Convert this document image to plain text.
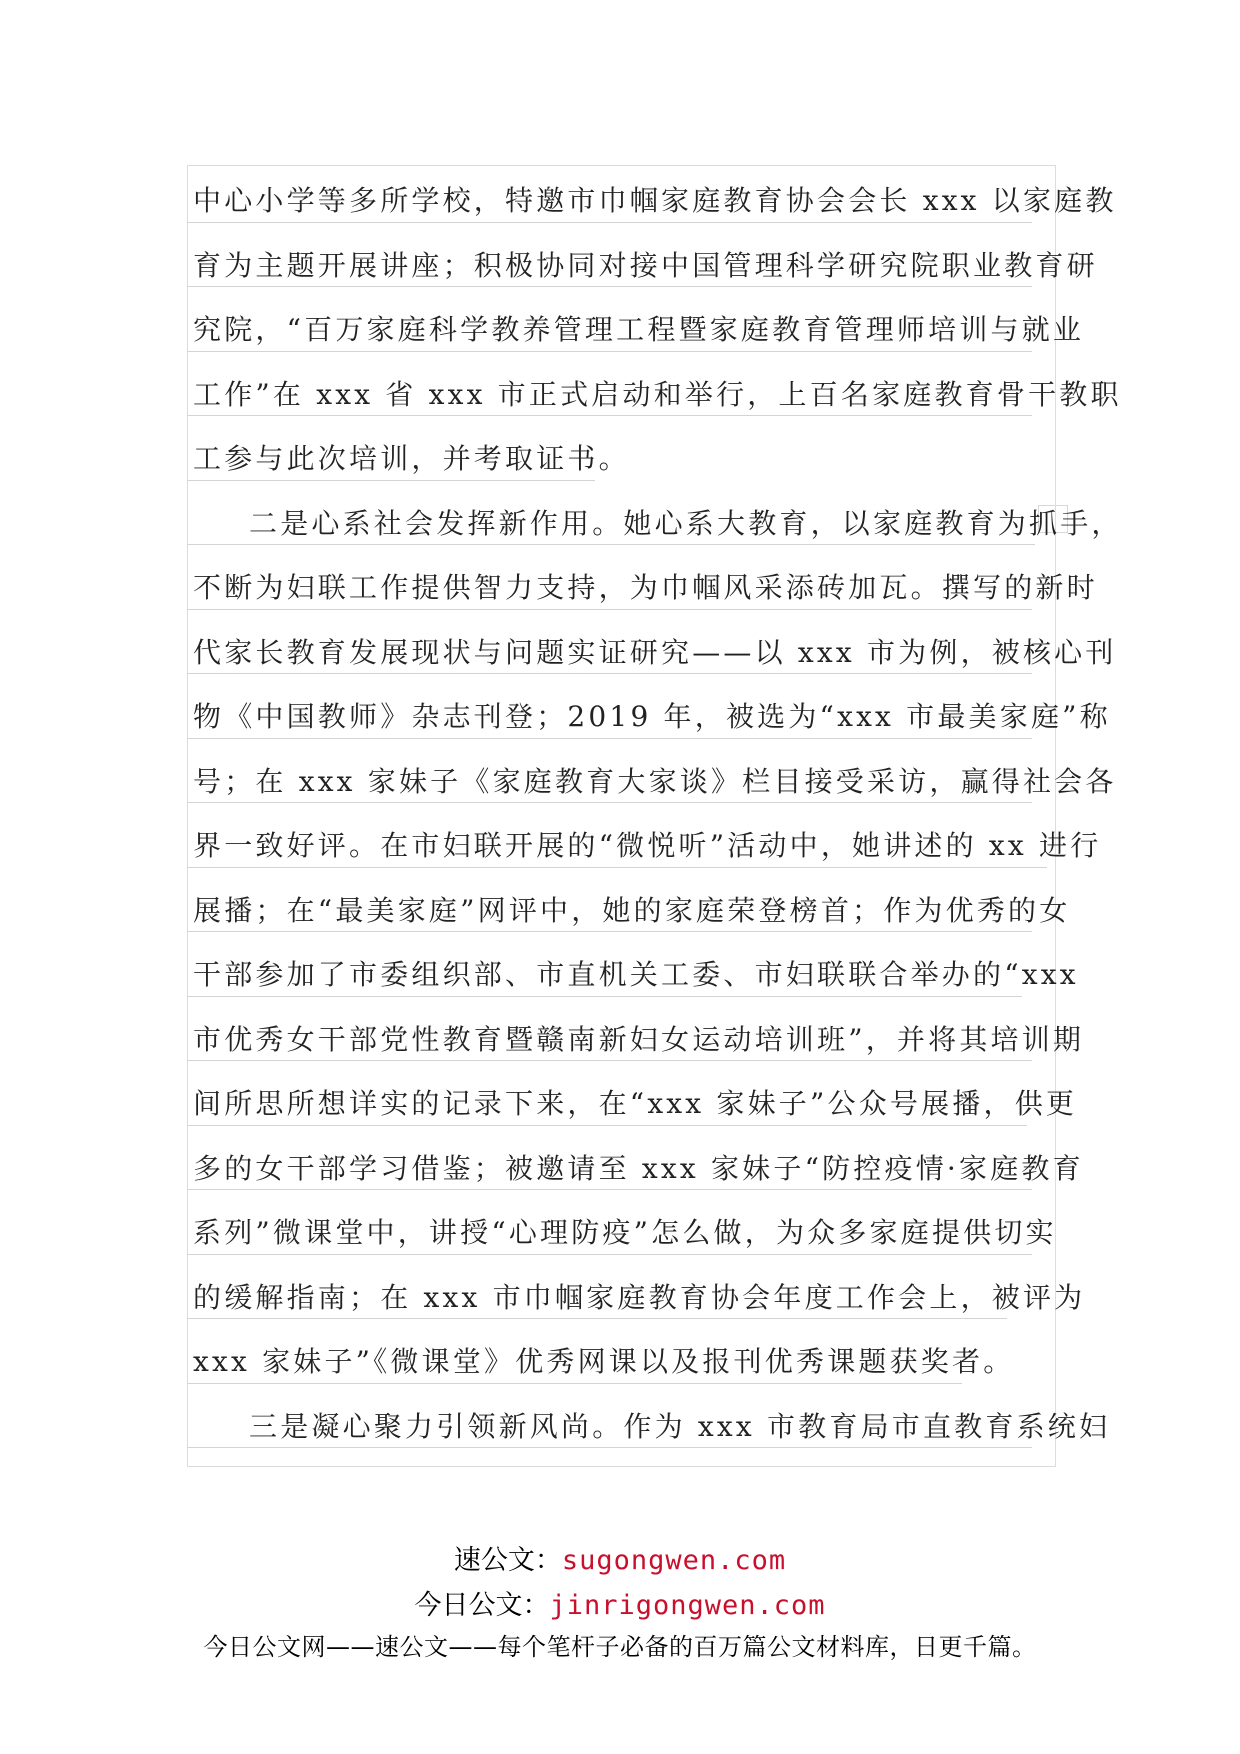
中心小学等多所学校，特邀市巾帼家庭教育协会会长 xxx 以家庭教
育为主题开展讲座；积极协同对接中国管理科学研究院职业教育研
究院，“百万家庭科学教养管理工程暨家庭教育管理师培训与就业
工作”在 xxx 省 xxx 市正式启动和举行，上百名家庭教育骨干教职
工参与此次培训，并考取证书。
二是心系社会发挥新作用。她心系大教育，以家庭教育为抓手，
不断为妇联工作提供智力支持，为巾帼风采添砖加瓦。撰写的新时
代家长教育发展现状与问题实证研究——以 xxx 市为例，被核心刊
物《中国教师》杂志刊登；2019 年，被选为“xxx 市最美家庭”称
号；在 xxx 家妹子《家庭教育大家谈》栏目接受采访，赢得社会各
界一致好评。在市妇联开展的“微悦听”活动中，她讲述的 xx 进行
展播；在“最美家庭”网评中，她的家庭荣登榜首；作为优秀的女
干部参加了市委组织部、市直机关工委、市妇联联合举办的“xxx
市优秀女干部党性教育暨赣南新妇女运动培训班”，并将其培训期
间所思所想详实的记录下来，在“xxx 家妹子”公众号展播，供更
多的女干部学习借鉴；被邀请至 xxx 家妹子“防控疫情·家庭教育
系列”微课堂中，讲授“心理防疫”怎么做，为众多家庭提供切实
的缓解指南；在 xxx 市巾帼家庭教育协会年度工作会上，被评为
xxx 家妹子”《微课堂》优秀网课以及报刊优秀课题获奖者。
三是凝心聚力引领新风尚。作为 xxx 市教育局市直教育系统妇
速公文：sugongwen.com
今日公文：jinrigongwen.com
今日公文网——速公文——每个笔杆子必备的百万篇公文材料库，日更千篇。
